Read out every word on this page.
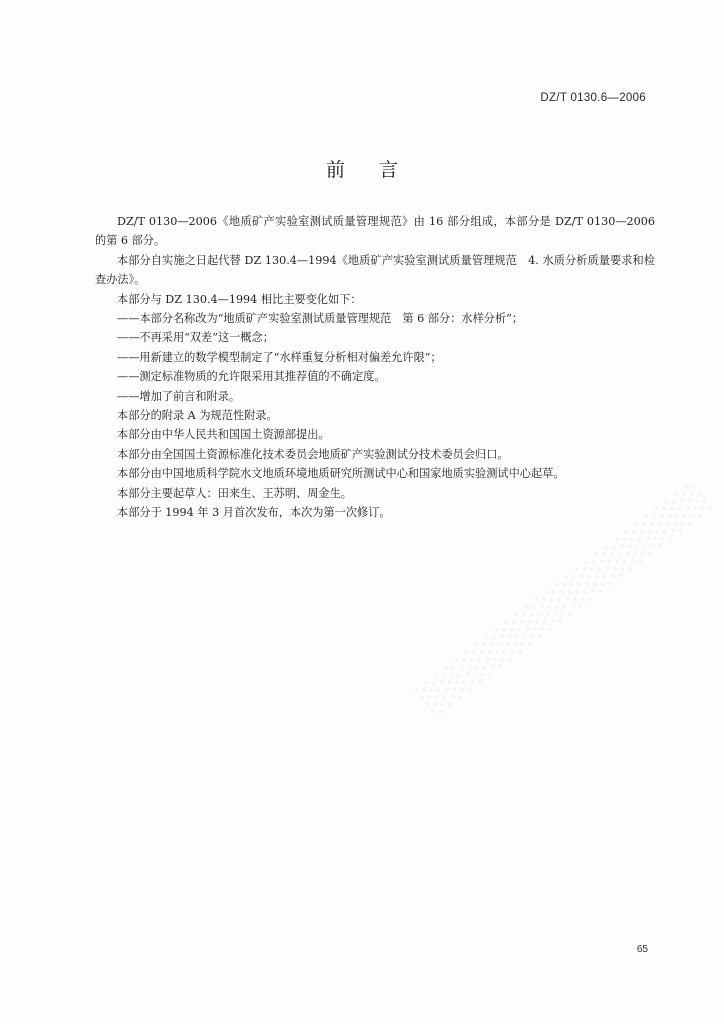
DZ/T 0130.6—2006
前言

DZ/T 0130—2006《地质矿产实验室测试质量管理规范》由 16 部分组成，本部分是 DZ/T 0130—2006 的第 6 部分。

本部分自实施之日起代替 DZ 130.4—1994《地质矿产实验室测试质量管理规范　4. 水质分析质量要求和检查办法》。

本部分与 DZ 130.4—1994 相比主要变化如下：

——本部分名称改为“地质矿产实验室测试质量管理规范　第 6 部分：水样分析”；

——不再采用“双差”这一概念；

——用新建立的数学模型制定了“水样重复分析相对偏差允许限”；

——测定标准物质的允许限采用其推荐值的不确定度。

——增加了前言和附录。

本部分的附录 A 为规范性附录。

本部分由中华人民共和国国土资源部提出。

本部分由全国国土资源标准化技术委员会地质矿产实验测试分技术委员会归口。

本部分由中国地质科学院水文地质环境地质研究所测试中心和国家地质实验测试中心起草。

本部分主要起草人：田来生、王苏明、周金生。

本部分于 1994 年 3 月首次发布，本次为第一次修订。 ░░░░░░░░░░░░░░
65
